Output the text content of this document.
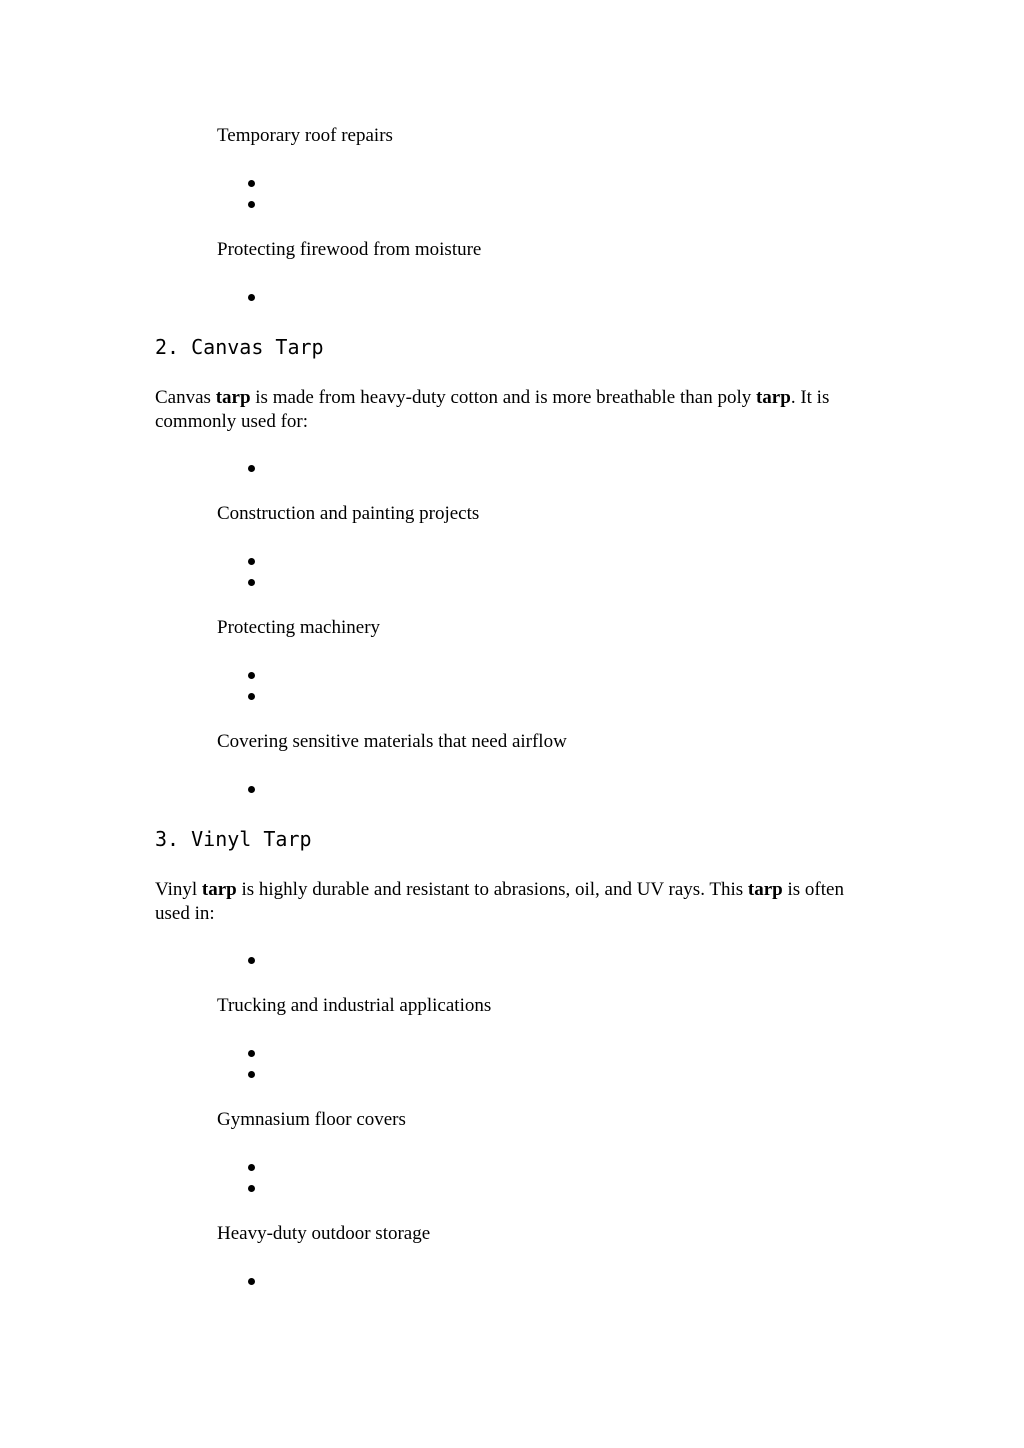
Temporary roof repairs
Protecting firewood from moisture
2. Canvas Tarp
Canvas tarp is made from heavy-duty cotton and is more breathable than poly tarp. It is commonly used for:
Construction and painting projects
Protecting machinery
Covering sensitive materials that need airflow
3. Vinyl Tarp
Vinyl tarp is highly durable and resistant to abrasions, oil, and UV rays. This tarp is often used in:
Trucking and industrial applications
Gymnasium floor covers
Heavy-duty outdoor storage
